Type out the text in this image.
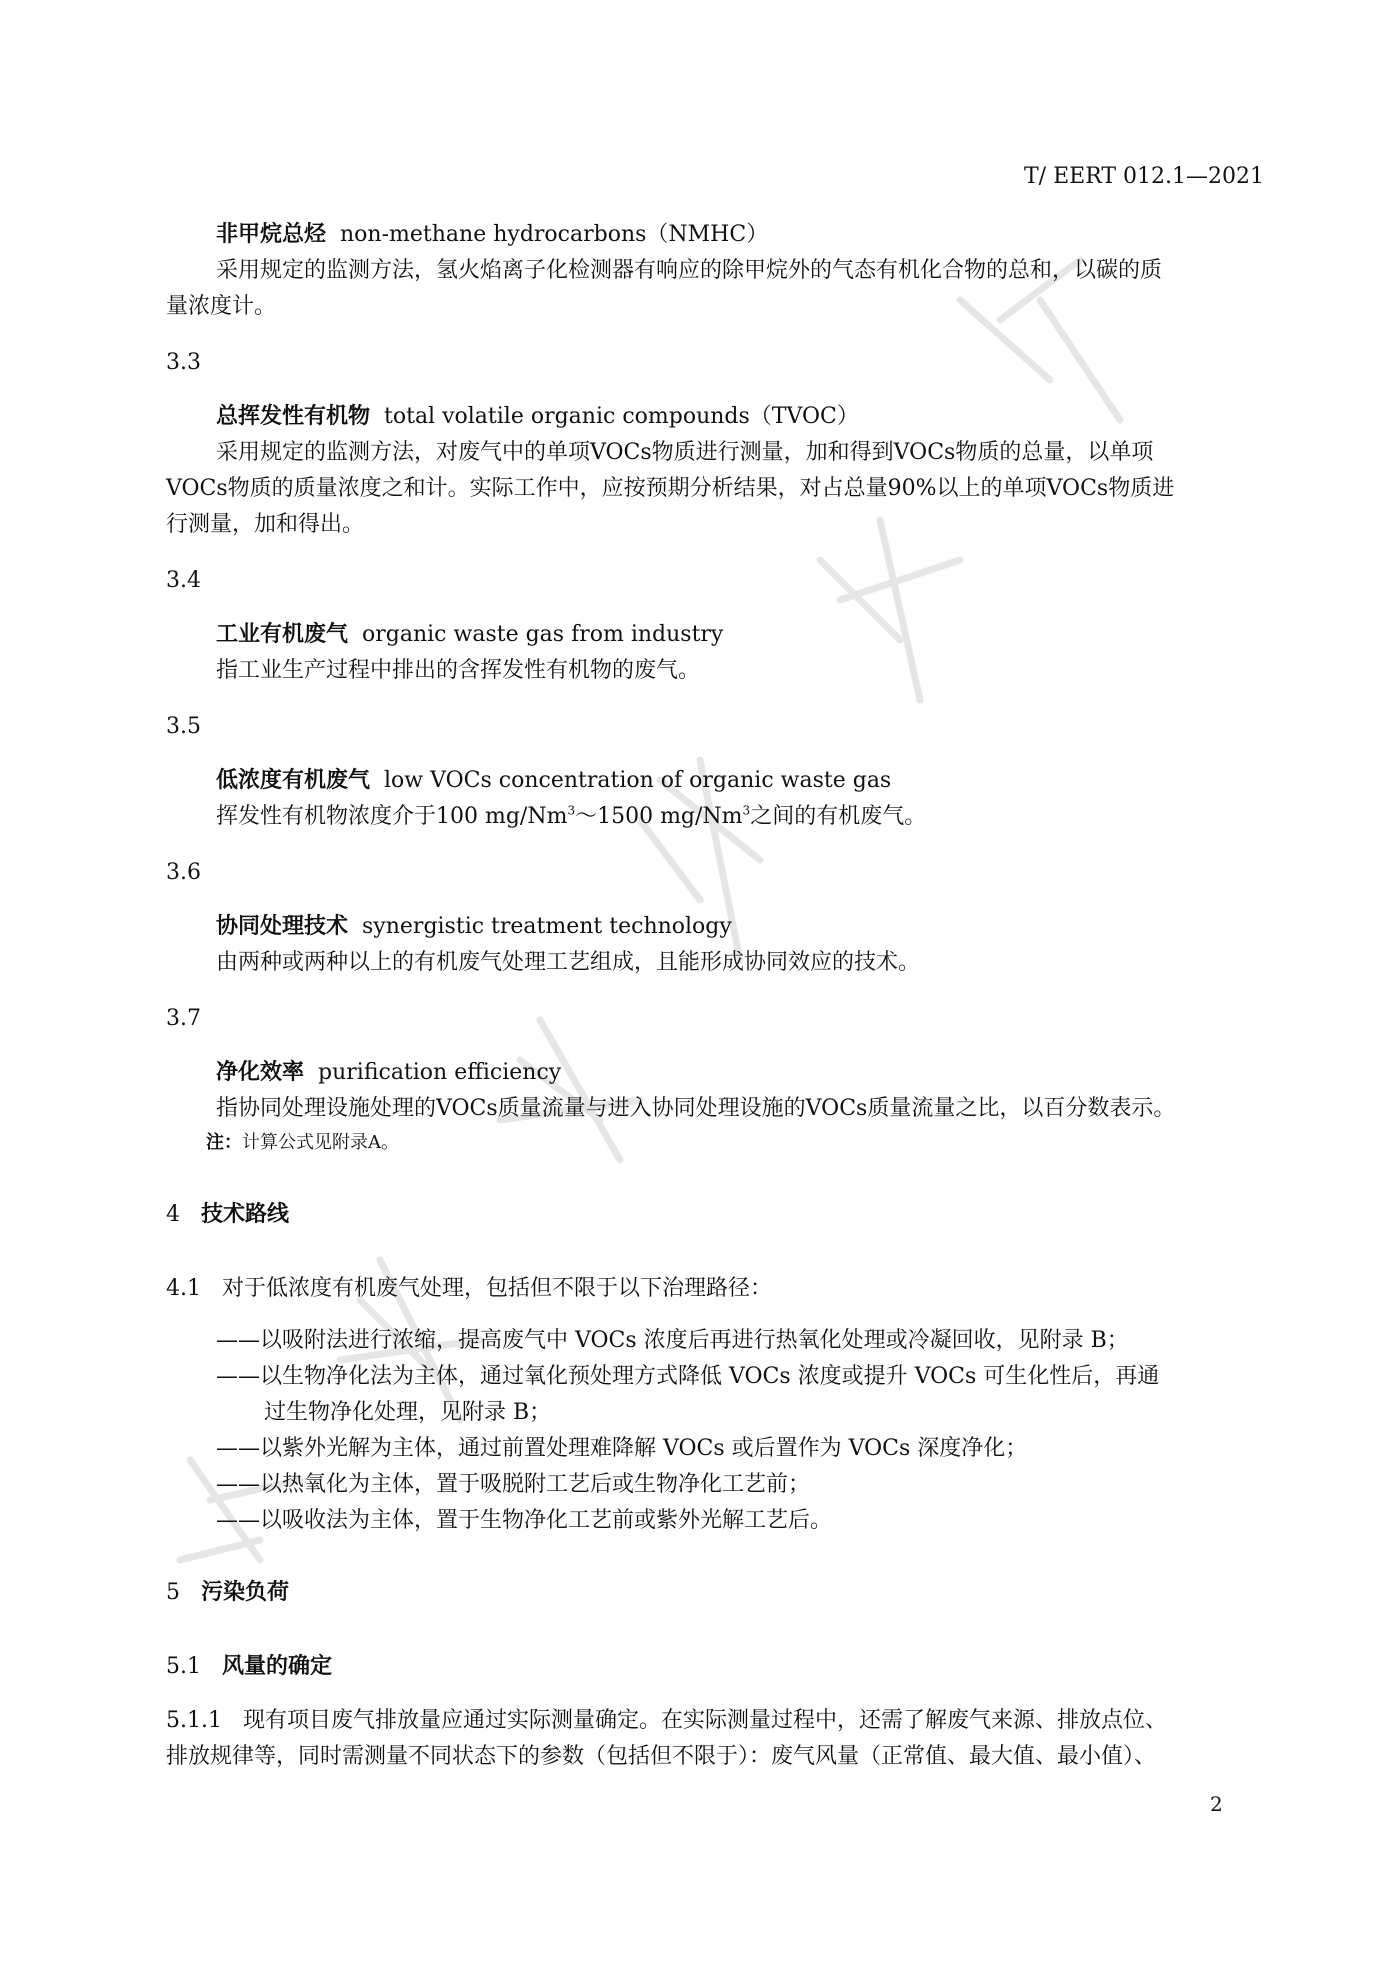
T/ EERT 012.1—2021
非甲烷总烃 non-methane hydrocarbons（NMHC）
采用规定的监测方法，氢火焰离子化检测器有响应的除甲烷外的气态有机化合物的总和，以碳的质
量浓度计。
3.3
总挥发性有机物 total volatile organic compounds（TVOC）
采用规定的监测方法，对废气中的单项VOCs物质进行测量，加和得到VOCs物质的总量，以单项
VOCs物质的质量浓度之和计。实际工作中，应按预期分析结果，对占总量90%以上的单项VOCs物质进
行测量，加和得出。
3.4
工业有机废气 organic waste gas from industry
指工业生产过程中排出的含挥发性有机物的废气。
3.5
低浓度有机废气 low VOCs concentration of organic waste gas
挥发性有机物浓度介于100 mg/Nm$^3$～1500 mg/Nm$^3$之间的有机废气。
3.6
协同处理技术 synergistic treatment technology
由两种或两种以上的有机废气处理工艺组成，且能形成协同效应的技术。
3.7
净化效率 purification efficiency
指协同处理设施处理的VOCs质量流量与进入协同处理设施的VOCs质量流量之比，以百分数表示。
注：计算公式见附录A。
4 技术路线
4.1 对于低浓度有机废气处理，包括但不限于以下治理路径：
——以吸附法进行浓缩，提高废气中 VOCs 浓度后再进行热氧化处理或冷凝回收，见附录 B；
——以生物净化法为主体，通过氧化预处理方式降低 VOCs 浓度或提升 VOCs 可生化性后，再通
过生物净化处理，见附录 B；
——以紫外光解为主体，通过前置处理难降解 VOCs 或后置作为 VOCs 深度净化；
——以热氧化为主体，置于吸脱附工艺后或生物净化工艺前；
——以吸收法为主体，置于生物净化工艺前或紫外光解工艺后。
5 污染负荷
5.1 风量的确定
5.1.1 现有项目废气排放量应通过实际测量确定。在实际测量过程中，还需了解废气来源、排放点位、
排放规律等，同时需测量不同状态下的参数（包括但不限于）：废气风量（正常值、最大值、最小值）、
2
